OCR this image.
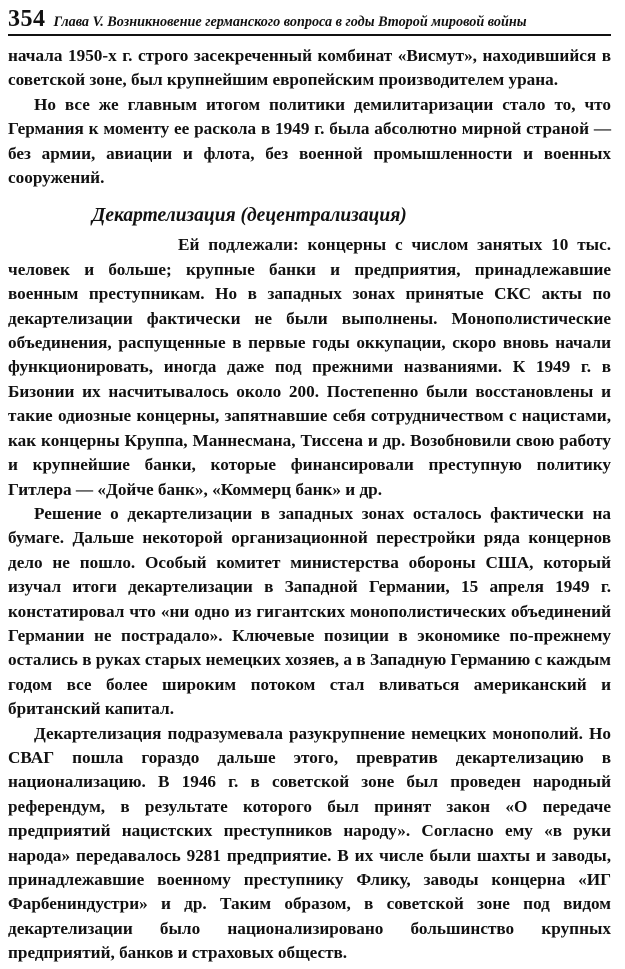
354 Глава V. Возникновение германского вопроса в годы Второй мировой войны

начала 1950-х г. строго засекреченный комбинат «Висмут», находившийся в советской зоне, был крупнейшим европейским производителем урана.

Но все же главным итогом политики демилитаризации стало то, что Германия к моменту ее раскола в 1949 г. была абсолютно мирной страной — без армии, авиации и флота, без военной промышленности и военных сооружений.

Декартелизация (децентрализация)

Ей подлежали: концерны с числом занятых 10 тыс. человек и больше; крупные банки и предприятия, принадлежавшие военным преступникам. Но в западных зонах принятые СКС акты по декартелизации фактически не были выполнены. Монополистические объединения, распущенные в первые годы оккупации, скоро вновь начали функционировать, иногда даже под прежними названиями. К 1949 г. в Бизонии их насчитывалось около 200. Постепенно были восстановлены и такие одиозные концерны, запятнавшие себя сотрудничеством с нацистами, как концерны Круппа, Маннесмана, Тиссена и др. Возобновили свою работу и крупнейшие банки, которые финансировали преступную политику Гитлера — «Дойче банк», «Коммерц банк» и др.

Решение о декартелизации в западных зонах осталось фактически на бумаге. Дальше некоторой организационной перестройки ряда концернов дело не пошло. Особый комитет министерства обороны США, который изучал итоги декартелизации в Западной Германии, 15 апреля 1949 г. констатировал что «ни одно из гигантских монополистических объединений Германии не пострадало». Ключевые позиции в экономике по-прежнему остались в руках старых немецких хозяев, а в Западную Германию с каждым годом все более широким потоком стал вливаться американский и британский капитал.

Декартелизация подразумевала разукрупнение немецких монополий. Но СВАГ пошла гораздо дальше этого, превратив декартелизацию в национализацию. В 1946 г. в советской зоне был проведен народный референдум, в результате которого был принят закон «О передаче предприятий нацистских преступников народу». Согласно ему «в руки народа» передавалось 9281 предприятие. В их числе были шахты и заводы, принадлежавшие военному преступнику Флику, заводы концерна «ИГ Фарбениндустри» и др. Таким образом, в советской зоне под видом декартелизации было национализировано большинство крупных предприятий, банков и страховых обществ.
